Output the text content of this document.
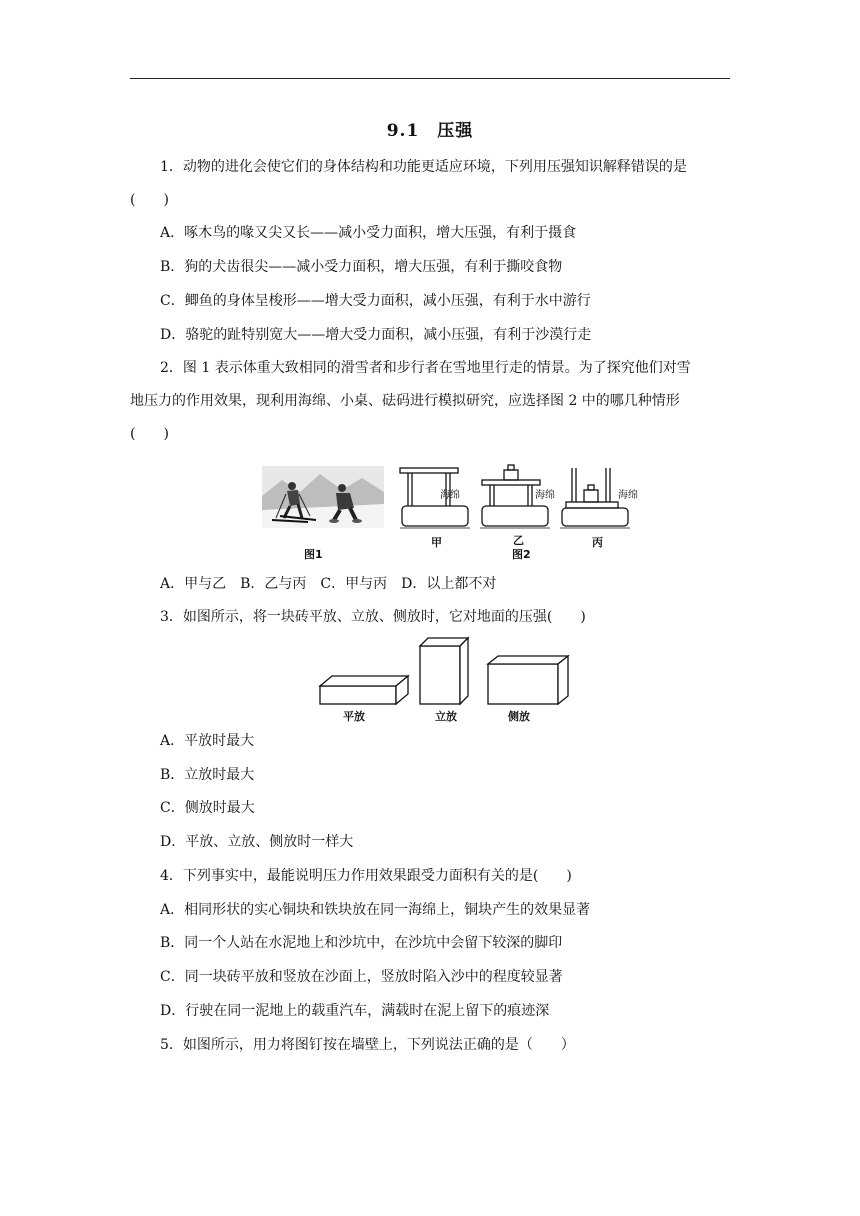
9.1　压强
1．动物的进化会使它们的身体结构和功能更适应环境，下列用压强知识解释错误的是
(　　)
A．啄木鸟的喙又尖又长——减小受力面积，增大压强，有利于摄食
B．狗的犬齿很尖——减小受力面积，增大压强，有利于撕咬食物
C．鲫鱼的身体呈梭形——增大受力面积，减小压强，有利于水中游行
D．骆驼的趾特别宽大——增大受力面积，减小压强，有利于沙漠行走
2．图 1 表示体重大致相同的滑雪者和步行者在雪地里行走的情景。为了探究他们对雪
地压力的作用效果，现利用海绵、小桌、砝码进行模拟研究，应选择图 2 中的哪几种情形
(　　)
图1
海绵	海绵	海绵
甲	乙
图2
丙
A．甲与乙　B．乙与丙　C．甲与丙　D．以上都不对
3．如图所示，将一块砖平放、立放、侧放时，它对地面的压强(　　)
平放	立放	侧放
A．平放时最大
B．立放时最大
C．侧放时最大
D．平放、立放、侧放时一样大
4．下列事实中，最能说明压力作用效果跟受力面积有关的是(　　)
A．相同形状的实心铜块和铁块放在同一海绵上，铜块产生的效果显著
B．同一个人站在水泥地上和沙坑中，在沙坑中会留下较深的脚印
C．同一块砖平放和竖放在沙面上，竖放时陷入沙中的程度较显著
D．行驶在同一泥地上的载重汽车，满载时在泥上留下的痕迹深
5．如图所示，用力将图钉按在墙壁上，下列说法正确的是（　　）
